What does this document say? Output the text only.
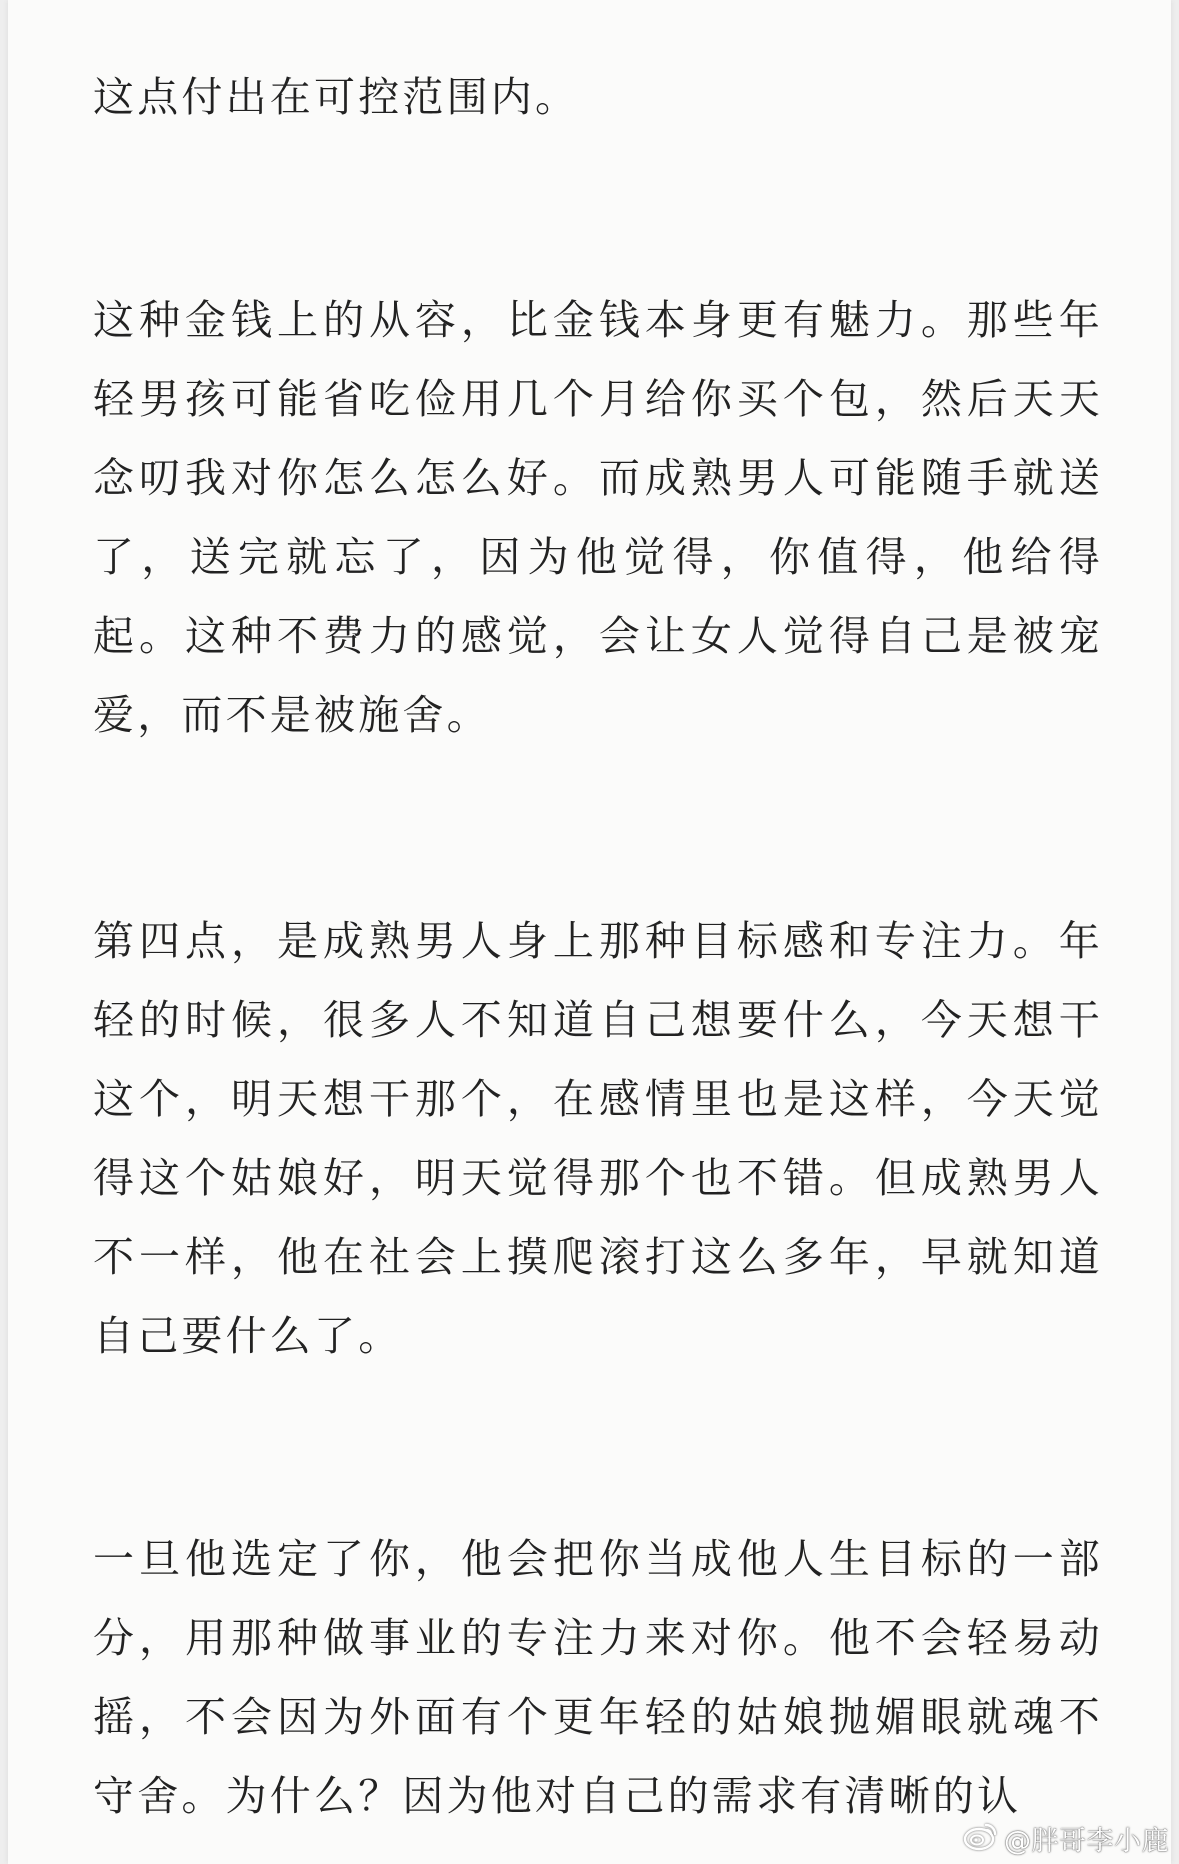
这点付出在可控范围内。

这种金钱上的从容，比金钱本身更有魅力。那些年轻男孩可能省吃俭用几个月给你买个包，然后天天念叨我对你怎么怎么好。而成熟男人可能随手就送了，送完就忘了，因为他觉得，你值得，他给得起。这种不费力的感觉，会让女人觉得自己是被宠爱，而不是被施舍。

第四点，是成熟男人身上那种目标感和专注力。年轻的时候，很多人不知道自己想要什么，今天想干这个，明天想干那个，在感情里也是这样，今天觉得这个姑娘好，明天觉得那个也不错。但成熟男人不一样，他在社会上摸爬滚打这么多年，早就知道自己要什么了。

一旦他选定了你，他会把你当成他人生目标的一部分，用那种做事业的专注力来对你。他不会轻易动摇，不会因为外面有个更年轻的姑娘抛媚眼就魂不守舍。为什么？因为他对自己的需求有清晰的认

@胖哥李小鹿
